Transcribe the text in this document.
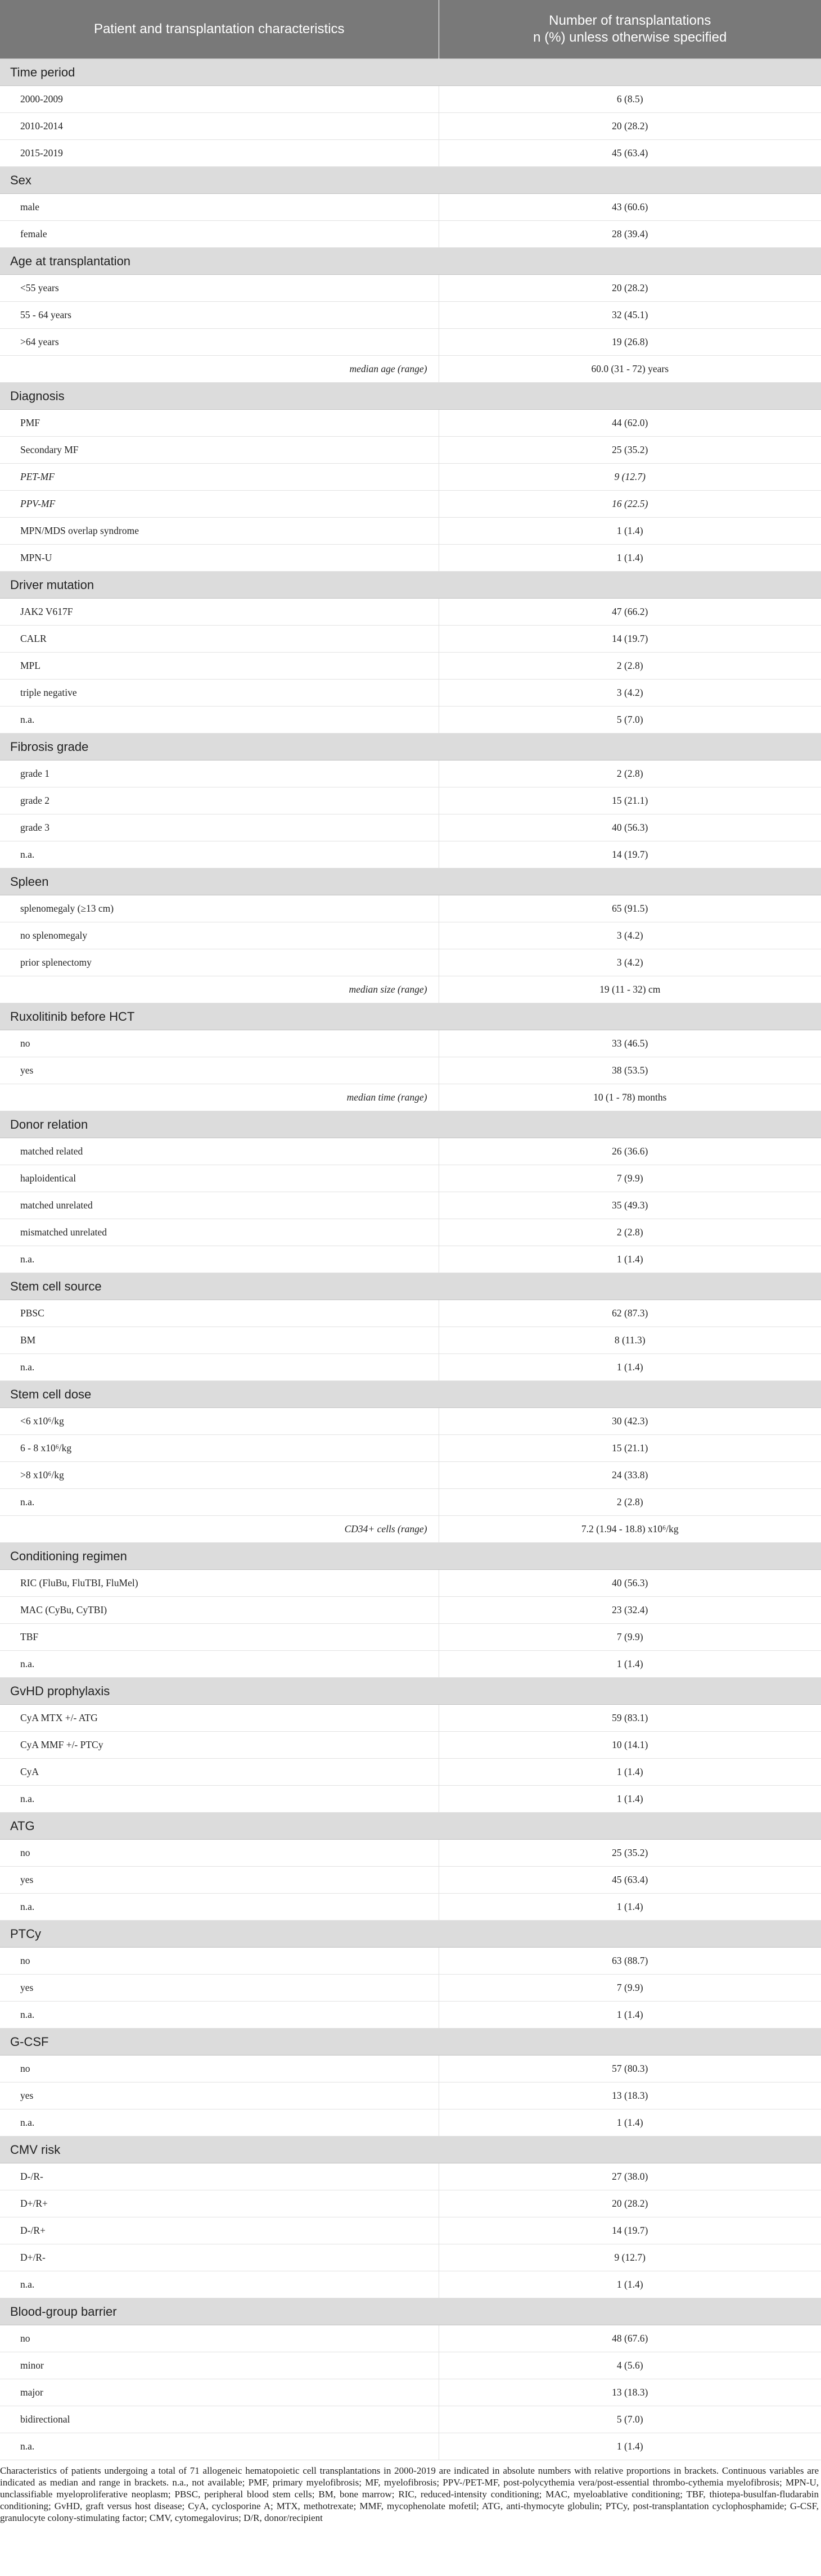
Patient and transplantation characteristics	Number of transplantations
n (%) unless otherwise specified
Time period	
2000-2009	6 (8.5)
2010-2014	20 (28.2)
2015-2019	45 (63.4)
Sex	
male	43 (60.6)
female	28 (39.4)
Age at transplantation	
<55 years	20 (28.2)
55 - 64 years	32 (45.1)
>64 years	19 (26.8)
median age (range)	60.0 (31 - 72) years
Diagnosis	
PMF	44 (62.0)
Secondary MF	25 (35.2)
PET-MF	9 (12.7)
PPV-MF	16 (22.5)
MPN/MDS overlap syndrome	1 (1.4)
MPN-U	1 (1.4)
Driver mutation	
JAK2 V617F	47 (66.2)
CALR	14 (19.7)
MPL	2 (2.8)
triple negative	3 (4.2)
n.a.	5 (7.0)
Fibrosis grade	
grade 1	2 (2.8)
grade 2	15 (21.1)
grade 3	40 (56.3)
n.a.	14 (19.7)
Spleen	
splenomegaly (≥13 cm)	65 (91.5)
no splenomegaly	3 (4.2)
prior splenectomy	3 (4.2)
median size (range)	19 (11 - 32) cm
Ruxolitinib before HCT	
no	33 (46.5)
yes	38 (53.5)
median time (range)	10 (1 - 78) months
Donor relation	
matched related	26 (36.6)
haploidentical	7 (9.9)
matched unrelated	35 (49.3)
mismatched unrelated	2 (2.8)
n.a.	1 (1.4)
Stem cell source	
PBSC	62 (87.3)
BM	8 (11.3)
n.a.	1 (1.4)
Stem cell dose	
<6 x10⁶/kg	30 (42.3)
6 - 8 x10⁶/kg	15 (21.1)
>8 x10⁶/kg	24 (33.8)
n.a.	2 (2.8)
CD34+ cells (range)	7.2 (1.94 - 18.8) x10⁶/kg
Conditioning regimen	
RIC (FluBu, FluTBI, FluMel)	40 (56.3)
MAC (CyBu, CyTBI)	23 (32.4)
TBF	7 (9.9)
n.a.	1 (1.4)
GvHD prophylaxis	
CyA MTX +/- ATG	59 (83.1)
CyA MMF +/- PTCy	10 (14.1)
CyA	1 (1.4)
n.a.	1 (1.4)
ATG	
no	25 (35.2)
yes	45 (63.4)
n.a.	1 (1.4)
PTCy	
no	63 (88.7)
yes	7 (9.9)
n.a.	1 (1.4)
G-CSF	
no	57 (80.3)
yes	13 (18.3)
n.a.	1 (1.4)
CMV risk	
D-/R-	27 (38.0)
D+/R+	20 (28.2)
D-/R+	14 (19.7)
D+/R-	9 (12.7)
n.a.	1 (1.4)
Blood-group barrier	
no	48 (67.6)
minor	4 (5.6)
major	13 (18.3)
bidirectional	5 (7.0)
n.a.	1 (1.4)
Characteristics of patients undergoing a total of 71 allogeneic hematopoietic cell transplantations in 2000-2019 are indicated in absolute numbers with relative proportions in brackets. Continuous variables are indicated as median and range in brackets. n.a., not available; PMF, primary myelofibrosis; MF, myelofibrosis; PPV-/PET-MF, post-polycythemia vera/post-essential thrombo-cythemia myelofibrosis; MPN-U, unclassifiable myeloproliferative neoplasm; PBSC, peripheral blood stem cells; BM, bone marrow; RIC, reduced-intensity conditioning; MAC, myeloablative conditioning; TBF, thiotepa-busulfan-fludarabin conditioning; GvHD, graft versus host disease; CyA, cyclosporine A; MTX, methotrexate; MMF, mycophenolate mofetil; ATG, anti-thymocyte globulin; PTCy, post-transplantation cyclophosphamide; G-CSF, granulocyte colony-stimulating factor; CMV, cytomegalovirus; D/R, donor/recipient
